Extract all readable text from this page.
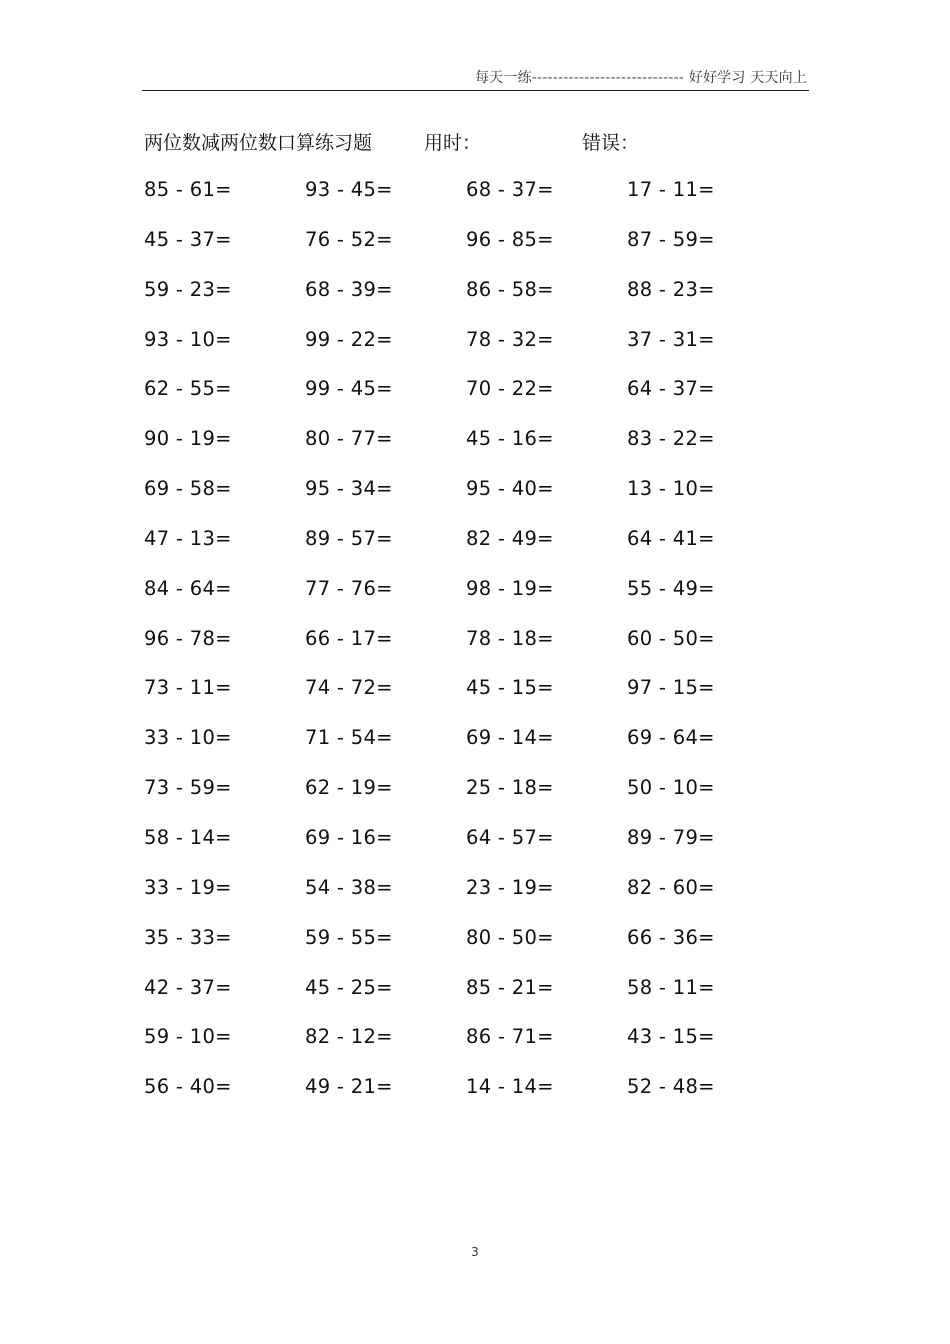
每天一练----------------------------- 好好学习 天天向上
两位数减两位数口算练习题	用时：	错误：
85 - 61=	93 - 45=	68 - 37=	17 - 11=
45 - 37=	76 - 52=	96 - 85=	87 - 59=
59 - 23=	68 - 39=	86 - 58=	88 - 23=
93 - 10=	99 - 22=	78 - 32=	37 - 31=
62 - 55=	99 - 45=	70 - 22=	64 - 37=
90 - 19=	80 - 77=	45 - 16=	83 - 22=
69 - 58=	95 - 34=	95 - 40=	13 - 10=
47 - 13=	89 - 57=	82 - 49=	64 - 41=
84 - 64=	77 - 76=	98 - 19=	55 - 49=
96 - 78=	66 - 17=	78 - 18=	60 - 50=
73 - 11=	74 - 72=	45 - 15=	97 - 15=
33 - 10=	71 - 54=	69 - 14=	69 - 64=
73 - 59=	62 - 19=	25 - 18=	50 - 10=
58 - 14=	69 - 16=	64 - 57=	89 - 79=
33 - 19=	54 - 38=	23 - 19=	82 - 60=
35 - 33=	59 - 55=	80 - 50=	66 - 36=
42 - 37=	45 - 25=	85 - 21=	58 - 11=
59 - 10=	82 - 12=	86 - 71=	43 - 15=
56 - 40=	49 - 21=	14 - 14=	52 - 48=
3
